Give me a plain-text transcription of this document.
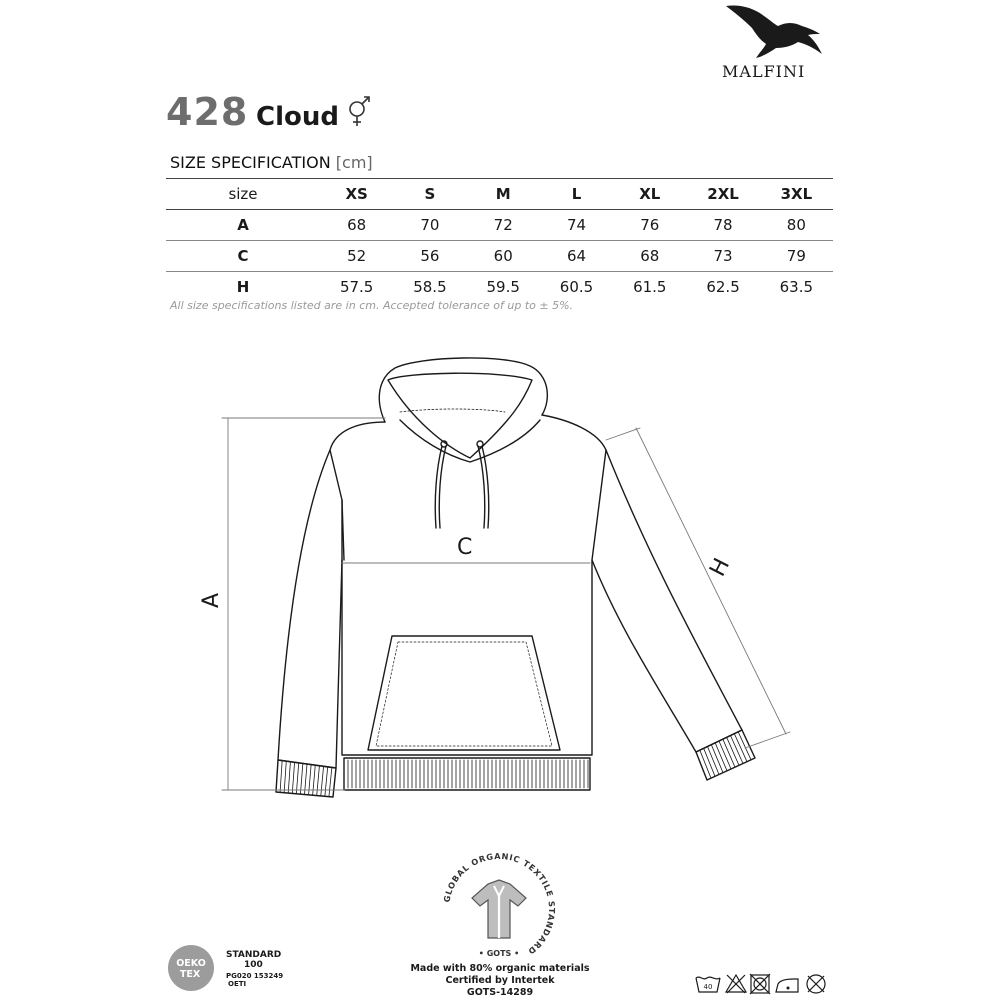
MALFINI
428 Cloud
SIZE SPECIFICATION [cm]
size	XS	S	M	L	XL	2XL	3XL
A	68	70	72	74	76	78	80
C	52	56	60	64	68	73	79
H	57.5	58.5	59.5	60.5	61.5	62.5	63.5
All size specifications listed are in cm. Accepted tolerance of up to ± 5%.
A
C
H
GLOBAL ORGANIC TEXTILE STANDARD
• GOTS •
Made with 80% organic materials
Certified by Intertek
GOTS-14289
OEKO
TEX
STANDARD
100
PG020 153249
OETI	40
